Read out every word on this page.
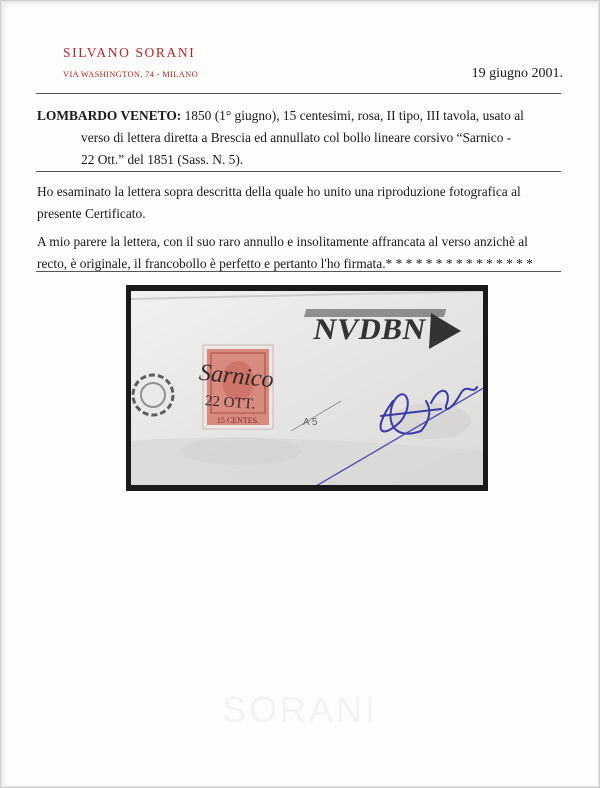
SILVANO SORANI
VIA WASHINGTON, 74 - MILANO	19 giugno 2001.
LOMBARDO VENETO: 1850 (1° giugno), 15 centesimi, rosa, II tipo, III tavola, usato al
verso di lettera diretta a Brescia ed annullato col bollo lineare corsivo “Sarnico -
22 Ott.” del 1851 (Sass. N. 5).
Ho esaminato la lettera sopra descritta della quale ho unito una riproduzione fotografica al
presente Certificato.
A mio parere la lettera, con il suo raro annullo e insolitamente affrancata al verso anzichè al
recto, è originale, il francobollo è perfetto e pertanto l'ho firmata.* * * * * * * * * * * * * * *
NVDBN
15 CENTES.
Sarnico
22 OTT.
A 5
SORANI
